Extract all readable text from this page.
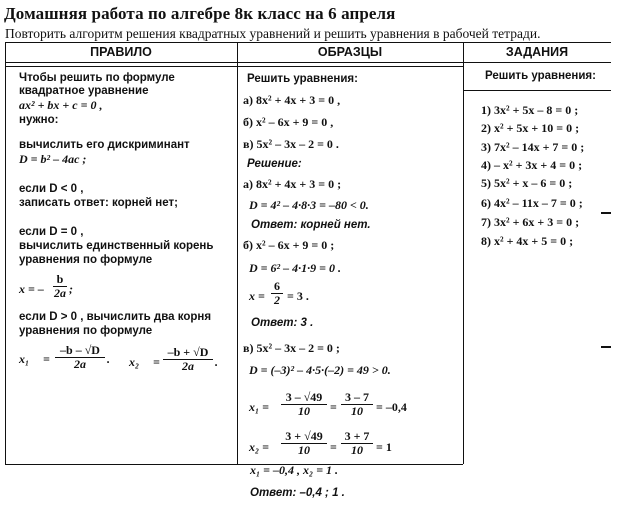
Домашняя работа по алгебре 8к класс на 6 апреля
Повторить алгоритм решения квадратных уравнений и решить уравнения в рабочей тетради.
ПРАВИЛО	ОБРАЗЦЫ	ЗАДАНИЯ
Чтобы решить по формуле
квадратное уравнение
ax² + bx + c = 0 ,
нужно:
вычислить его дискриминант
D = b² – 4ac ;
если D < 0 ,
записать ответ: корней нет;
если D = 0 ,
вычислить единственный корень
уравнения по формуле
x = – $\frac{b}{2a}$ ;
если D > 0 , вычислить два корня
уравнения по формуле
$x_1 = \frac{-b - √D}{2a}$ . $x_2 = \frac{-b + √D}{2a}$ .
Решить уравнения:
а) 8x² + 4x + 3 = 0 ,
б) x² – 6x + 9 = 0 ,
в) 5x² – 3x – 2 = 0 .
Решение:
а) 8x² + 4x + 3 = 0 ;
D = 4² – 4·8·3 = –80 < 0.
Ответ: корней нет.
б) x² – 6x + 9 = 0 ;
D = 6² – 4·1·9 = 0 .
$x = \frac{6}{2} = 3$ .
Ответ: 3 .
в) 5x² – 3x – 2 = 0 ;
D = (–3)² – 4·5·(–2) = 49 > 0.
$x_1 = \frac{3 - √49}{10} = \frac{3 - 7}{10} = -0,4$
$x_2 = \frac{3 + √49}{10} = \frac{3 + 7}{10} = 1$
Решить уравнения:
1) 3x² + 5x – 8 = 0 ;
2) x² + 5x + 10 = 0 ;
3) 7x² – 14x + 7 = 0 ;
4) – x² + 3x + 4 = 0 ;
5) 5x² + x – 6 = 0 ;
6) 4x² – 11x – 7 = 0 ;
7) 3x² + 6x + 3 = 0 ;
8) x² + 4x + 5 = 0 ;
x₁ = –0,4 , x₂ = 1 .
Ответ: –0,4 ; 1 .
